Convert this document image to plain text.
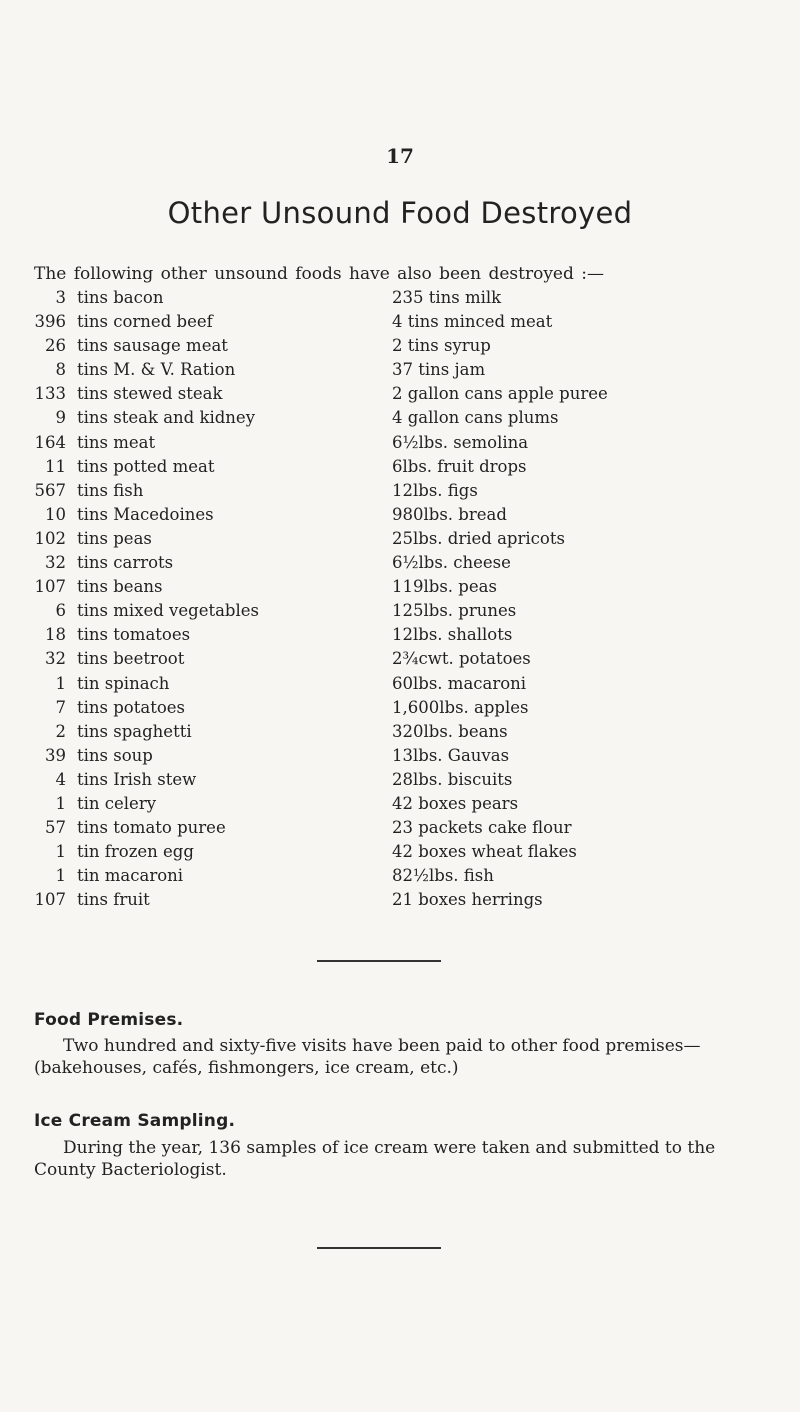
17
Other Unsound Food Destroyed
The following other unsound foods have also been destroyed :—
3	tins bacon	235 tins milk
396	tins corned beef	4 tins minced meat
26	tins sausage meat	2 tins syrup
8	tins M. & V. Ration	37 tins jam
133	tins stewed steak	2 gallon cans apple puree
9	tins steak and kidney	4 gallon cans plums
164	tins meat	6½lbs. semolina
11	tins potted meat	6lbs. fruit drops
567	tins fish	12lbs. figs
10	tins Macedoines	980lbs. bread
102	tins peas	25lbs. dried apricots
32	tins carrots	6½lbs. cheese
107	tins beans	119lbs. peas
6	tins mixed vegetables	125lbs. prunes
18	tins tomatoes	12lbs. shallots
32	tins beetroot	2¾cwt. potatoes
1	tin spinach	60lbs. macaroni
7	tins potatoes	1,600lbs. apples
2	tins spaghetti	320lbs. beans
39	tins soup	13lbs. Gauvas
4	tins Irish stew	28lbs. biscuits
1	tin celery	42 boxes pears
57	tins tomato puree	23 packets cake flour
1	tin frozen egg	42 boxes wheat flakes
1	tin macaroni	82½lbs. fish
107	tins fruit	21 boxes herrings
Food Premises.
Two hundred and sixty-five visits have been paid to other food premises—(bakehouses, cafés, fishmongers, ice cream, etc.)
Ice Cream Sampling.
During the year, 136 samples of ice cream were taken and submitted to the County Bacteriologist.
